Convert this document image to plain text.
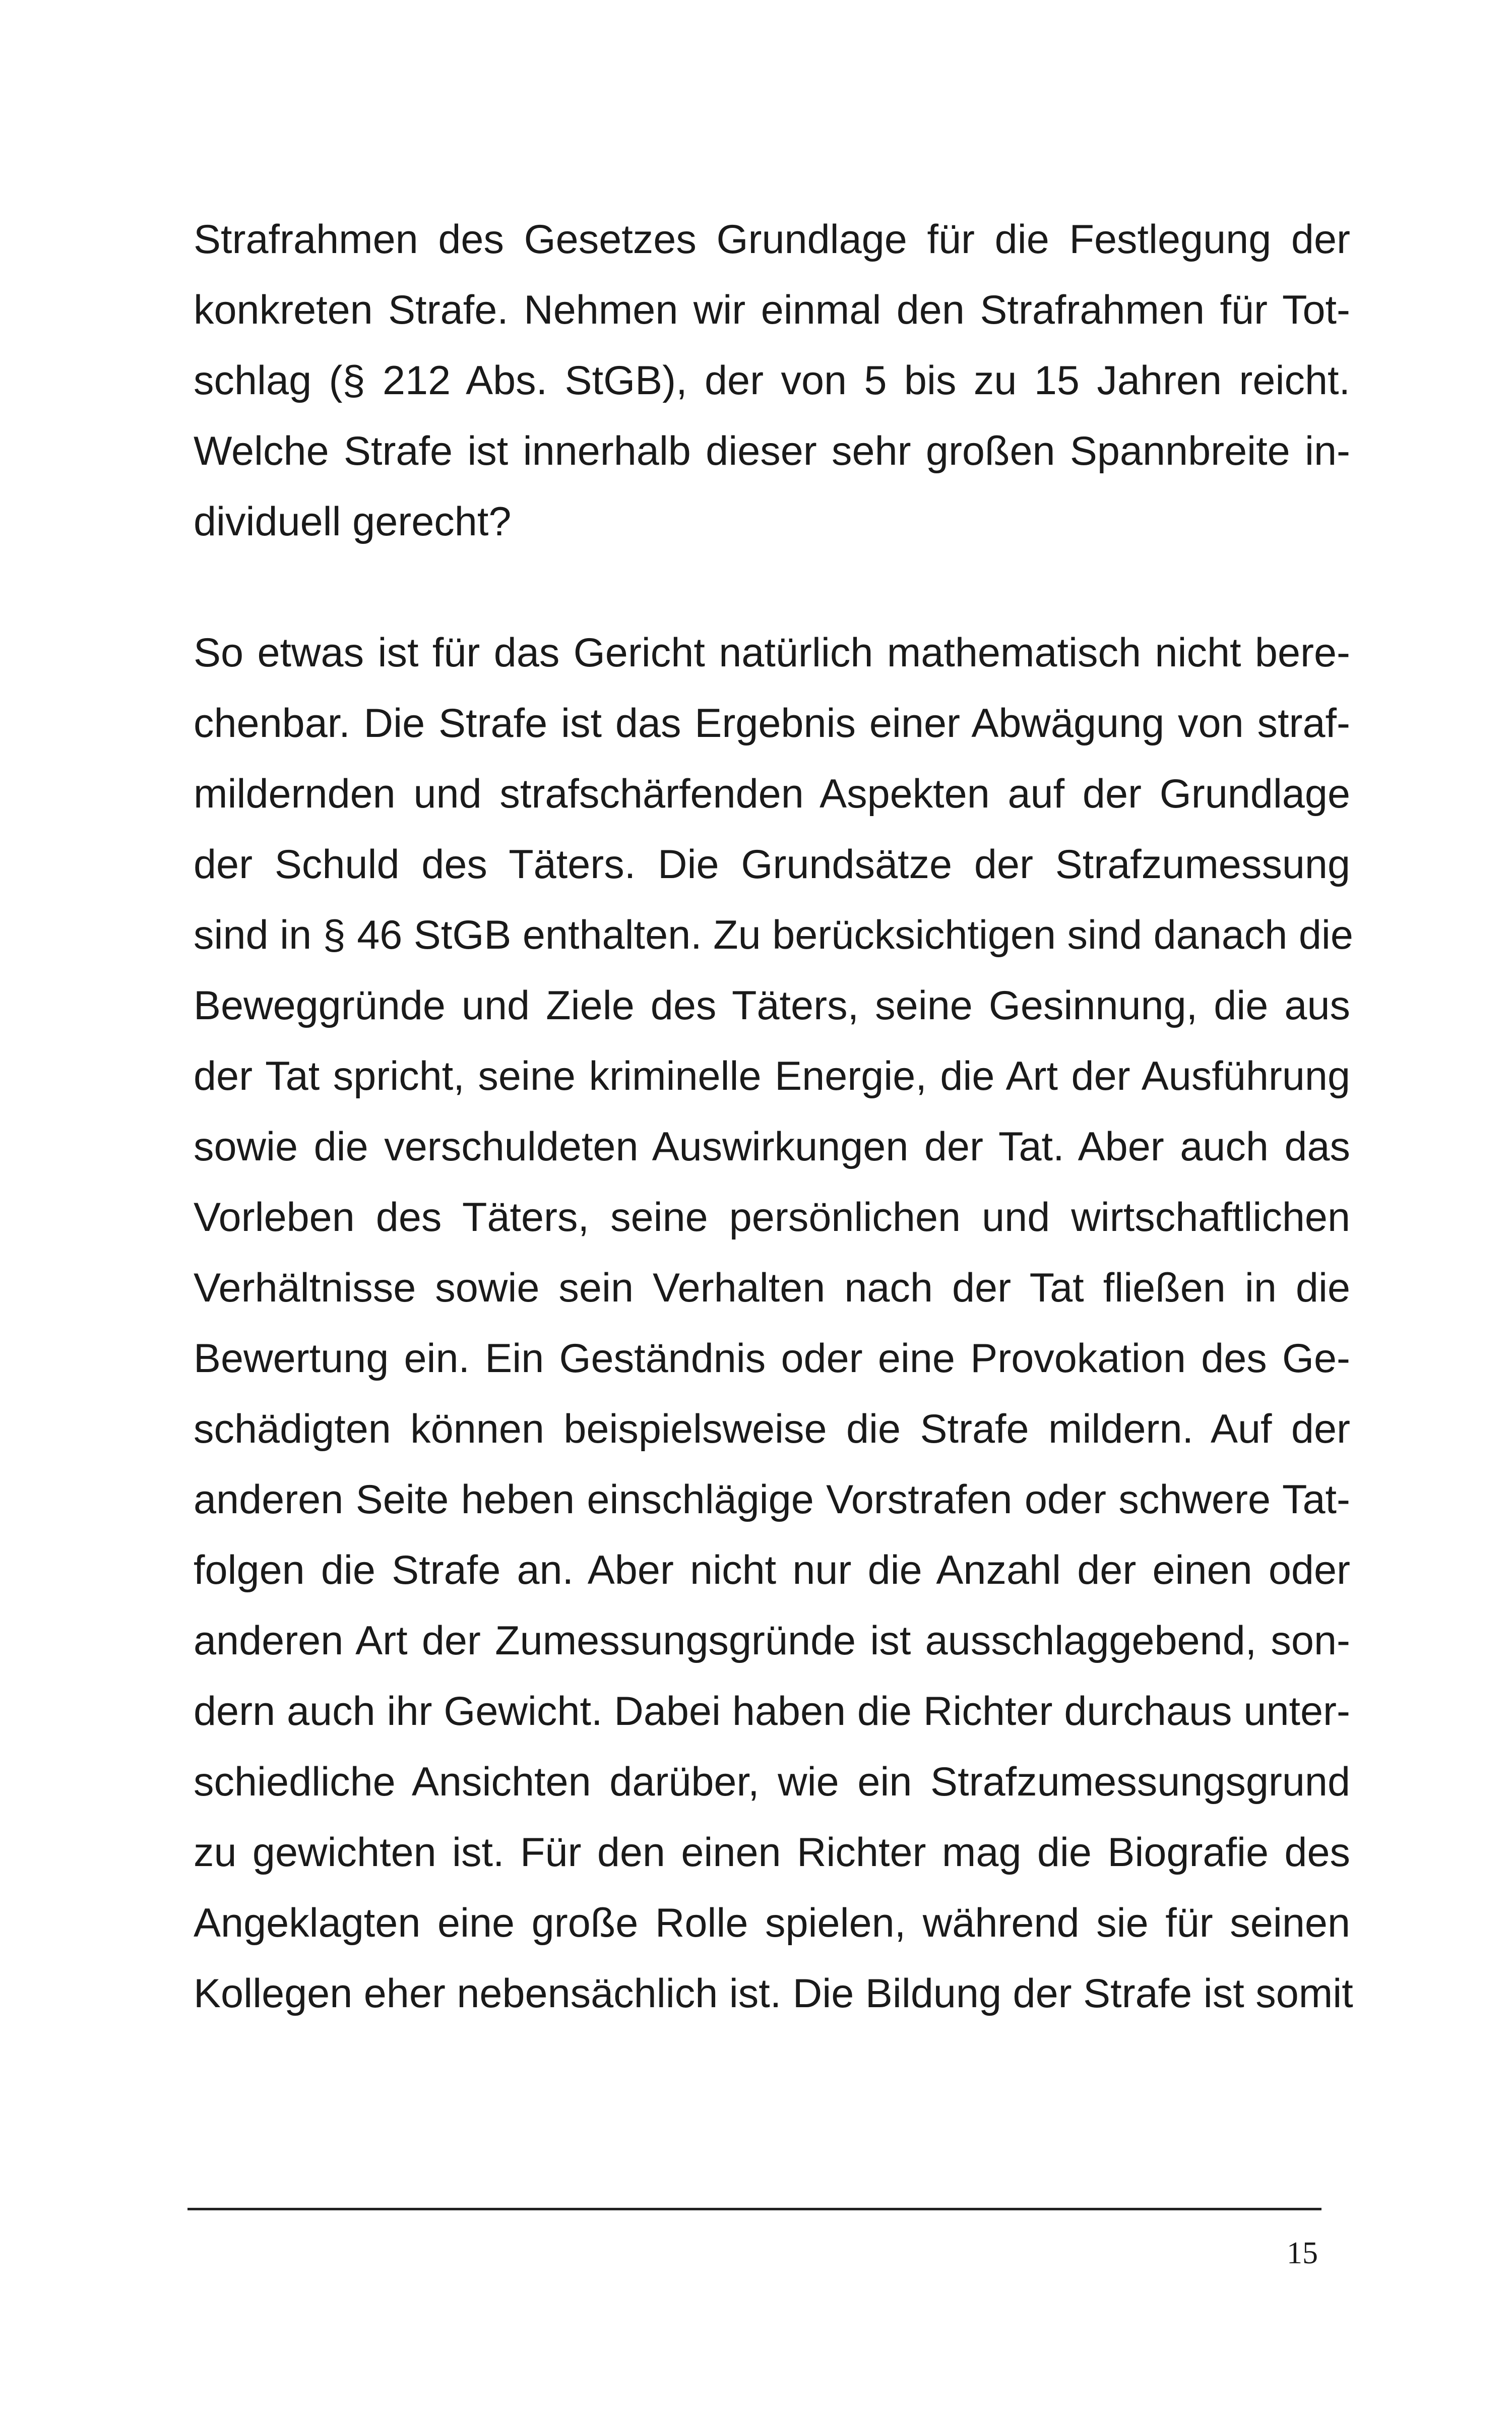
Strafrahmen des Gesetzes Grundlage für die Festlegung der
konkreten Strafe. Nehmen wir einmal den Strafrahmen für Tot-
schlag (§ 212 Abs. StGB), der von 5 bis zu 15 Jahren reicht.
Welche Strafe ist innerhalb dieser sehr großen Spannbreite in-
dividuell gerecht?
So etwas ist für das Gericht natürlich mathematisch nicht bere-
chenbar. Die Strafe ist das Ergebnis einer Abwägung von straf-
mildernden und strafschärfenden Aspekten auf der Grundlage
der Schuld des Täters. Die Grundsätze der Strafzumessung
sind in § 46 StGB enthalten. Zu berücksichtigen sind danach die
Beweggründe und Ziele des Täters, seine Gesinnung, die aus
der Tat spricht, seine kriminelle Energie, die Art der Ausführung
sowie die verschuldeten Auswirkungen der Tat. Aber auch das
Vorleben des Täters, seine persönlichen und wirtschaftlichen
Verhältnisse sowie sein Verhalten nach der Tat fließen in die
Bewertung ein. Ein Geständnis oder eine Provokation des Ge-
schädigten können beispielsweise die Strafe mildern. Auf der
anderen Seite heben einschlägige Vorstrafen oder schwere Tat-
folgen die Strafe an. Aber nicht nur die Anzahl der einen oder
anderen Art der Zumessungsgründe ist ausschlaggebend, son-
dern auch ihr Gewicht. Dabei haben die Richter durchaus unter-
schiedliche Ansichten darüber, wie ein Strafzumessungsgrund
zu gewichten ist. Für den einen Richter mag die Biografie des
Angeklagten eine große Rolle spielen, während sie für seinen
Kollegen eher nebensächlich ist. Die Bildung der Strafe ist somit
15
